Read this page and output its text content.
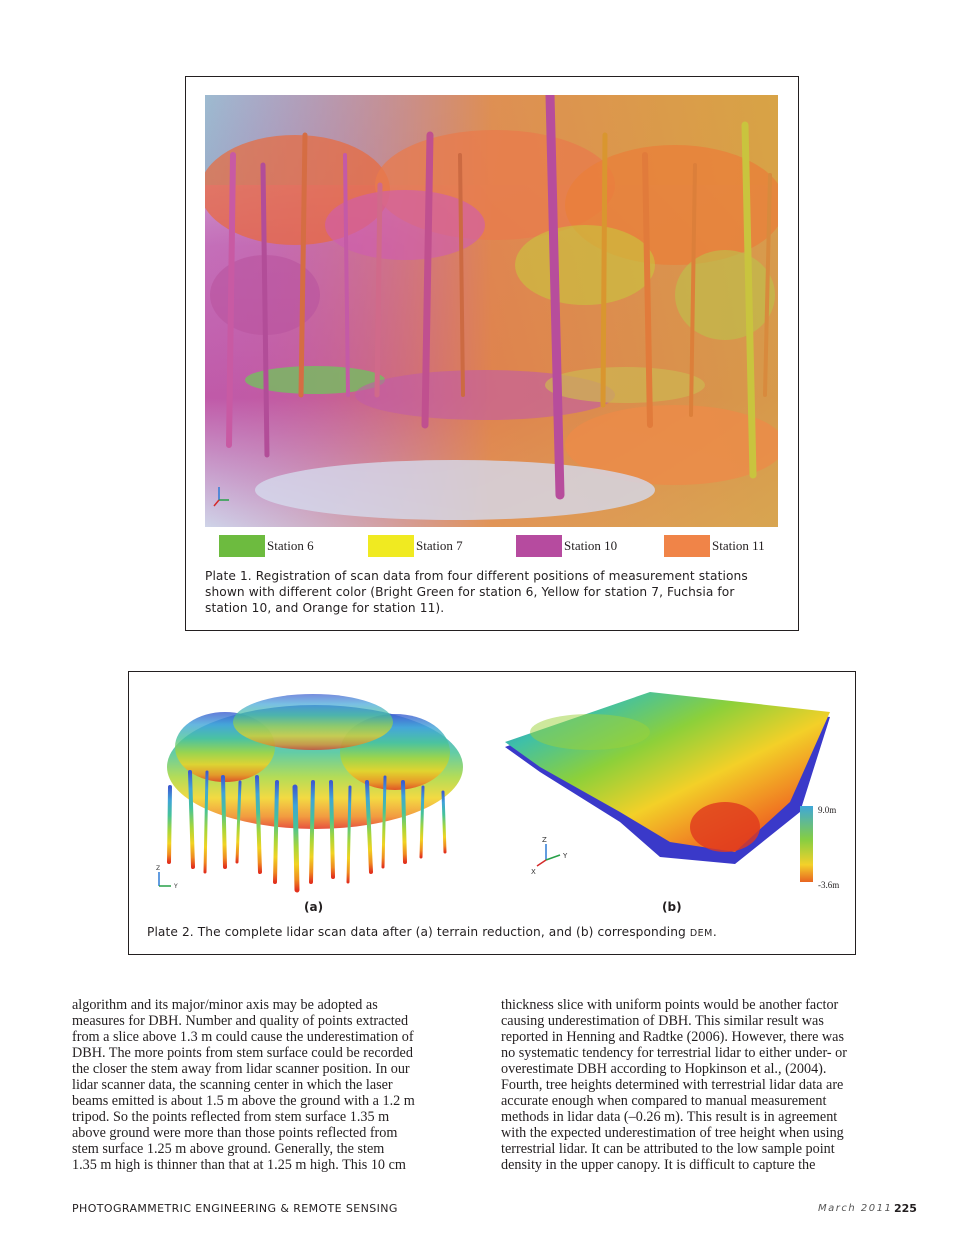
Station 6	Station 7	Station 10	Station 11
Plate 1. Registration of scan data from four different positions of measurement stations shown with different color (Bright Green for station 6, Yellow for station 7, Fuchsia for station 10, and Orange for station 11).
Z
Y
Z
Y
X
9.0m
-3.6m
(a)	(b)
Plate 2. The complete lidar scan data after (a) terrain reduction, and (b) corresponding DEM.

algorithm and its major/minor axis may be adopted as

measures for DBH. Number and quality of points extracted

from a slice above 1.3 m could cause the underestimation of

DBH. The more points from stem surface could be recorded

the closer the stem away from lidar scanner position. In our

lidar scanner data, the scanning center in which the laser

beams emitted is about 1.5 m above the ground with a 1.2 m

tripod. So the points reflected from stem surface 1.35 m

above ground were more than those points reflected from

stem surface 1.25 m above ground. Generally, the stem

1.35 m high is thinner than that at 1.25 m high. This 10 cm

thickness slice with uniform points would be another factor

causing underestimation of DBH. This similar result was

reported in Henning and Radtke (2006). However, there was

no systematic tendency for terrestrial lidar to either under- or

overestimate DBH according to Hopkinson et al., (2004).

Fourth, tree heights determined with terrestrial lidar data are

accurate enough when compared to manual measurement

methods in lidar data (–0.26 m). This result is in agreement

with the expected underestimation of tree height when using

terrestrial lidar. It can be attributed to the low sample point

density in the upper canopy. It is difficult to capture the

PHOTOGRAMMETRIC ENGINEERING & REMOTE SENSING	March 2011 225
